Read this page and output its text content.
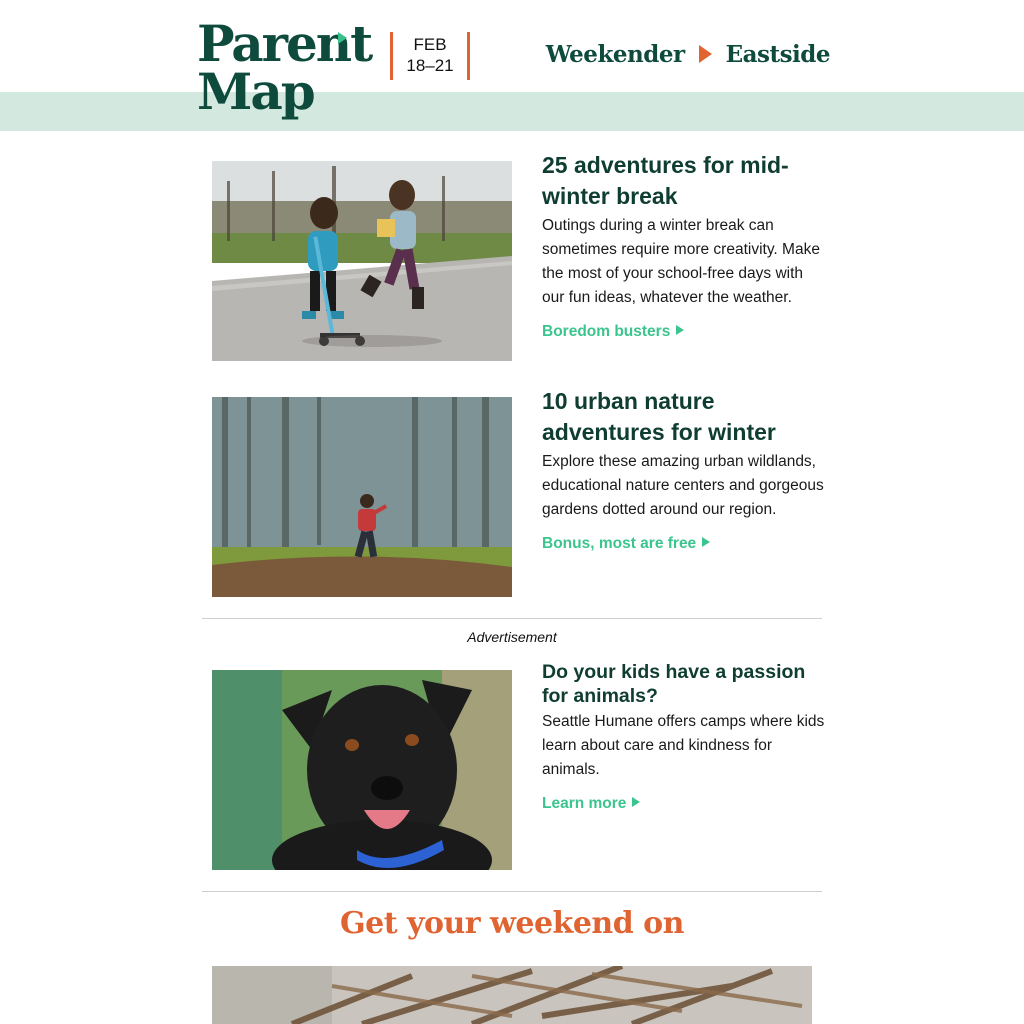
Parent
Map
FEB
18–21	Weekender Eastside
25 adventures for mid-winter break

Outings during a winter break can sometimes require more creativity. Make the most of your school-free days with our fun ideas, whatever the weather.

Boredom busters
10 urban nature adventures for winter

Explore these amazing urban wildlands, educational nature centers and gorgeous gardens dotted around our region.

Bonus, most are free
Advertisement
Do your kids have a passion for animals?

Seattle Humane offers camps where kids learn about care and kindness for animals.

Learn more
Get your weekend on
